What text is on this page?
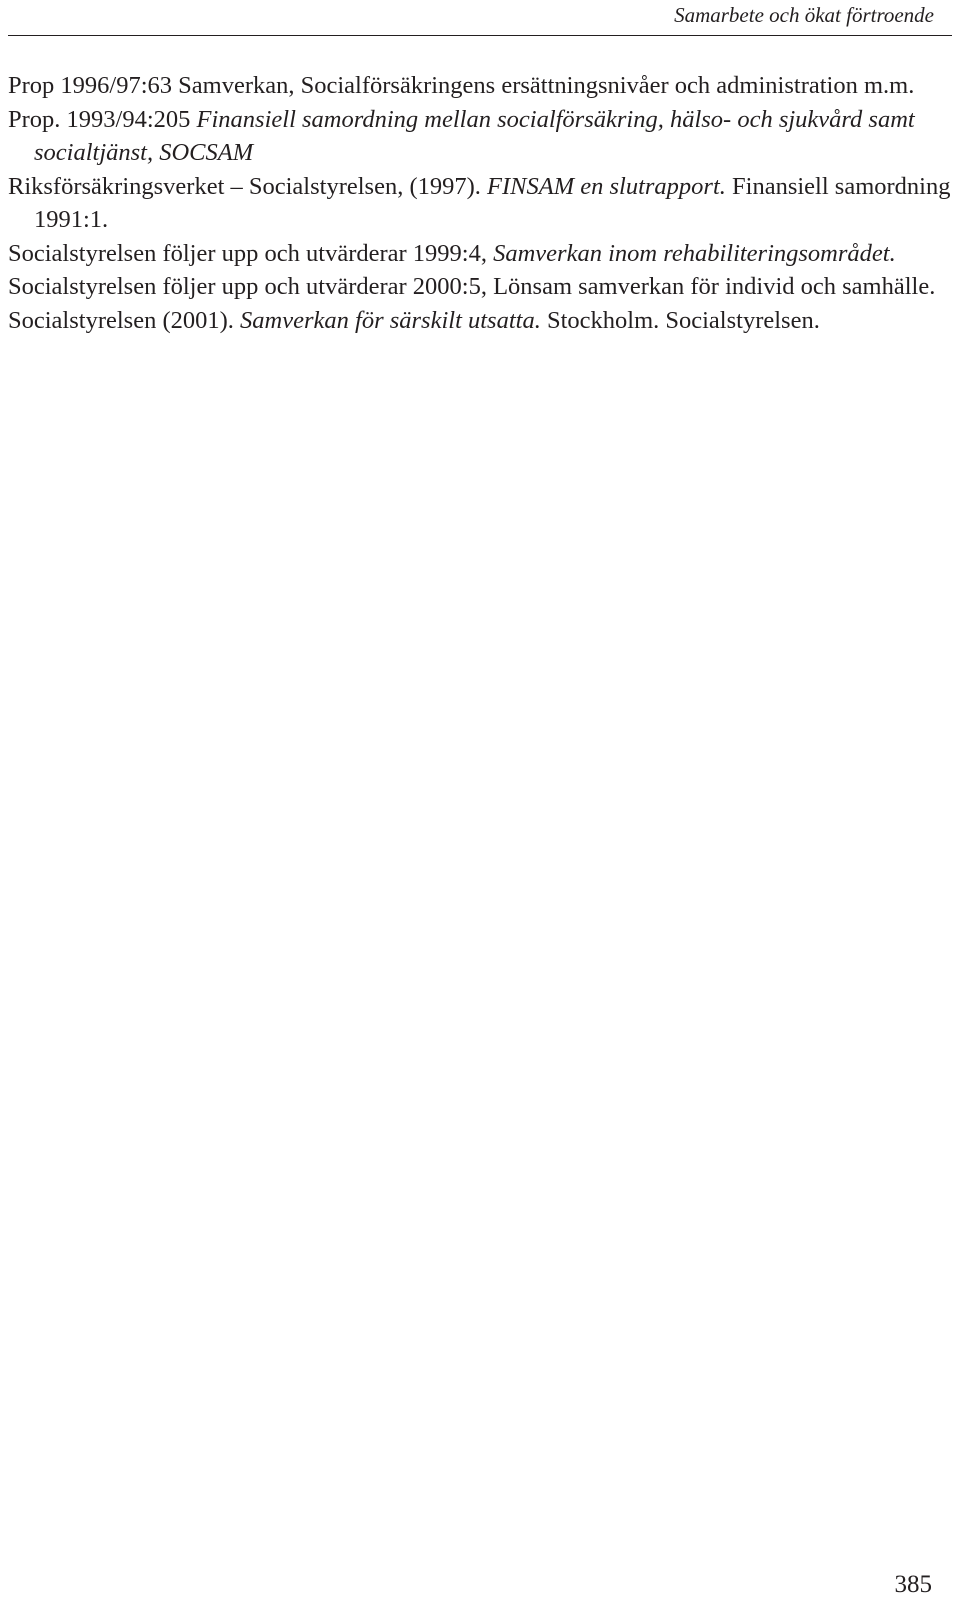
Samarbete och ökat förtroende
Prop 1996/97:63 Samverkan, Socialförsäkringens ersättningsnivåer och administration m.m.
Prop. 1993/94:205 Finansiell samordning mellan socialförsäkring, hälso- och sjukvård samt socialtjänst, SOCSAM
Riksförsäkringsverket – Socialstyrelsen, (1997). FINSAM en slutrapport. Finansiell samordning 1991:1.
Socialstyrelsen följer upp och utvärderar 1999:4, Samverkan inom rehabiliteringsområdet.
Socialstyrelsen följer upp och utvärderar 2000:5, Lönsam samverkan för individ och samhälle.
Socialstyrelsen (2001). Samverkan för särskilt utsatta. Stockholm. Socialstyrelsen.
385
